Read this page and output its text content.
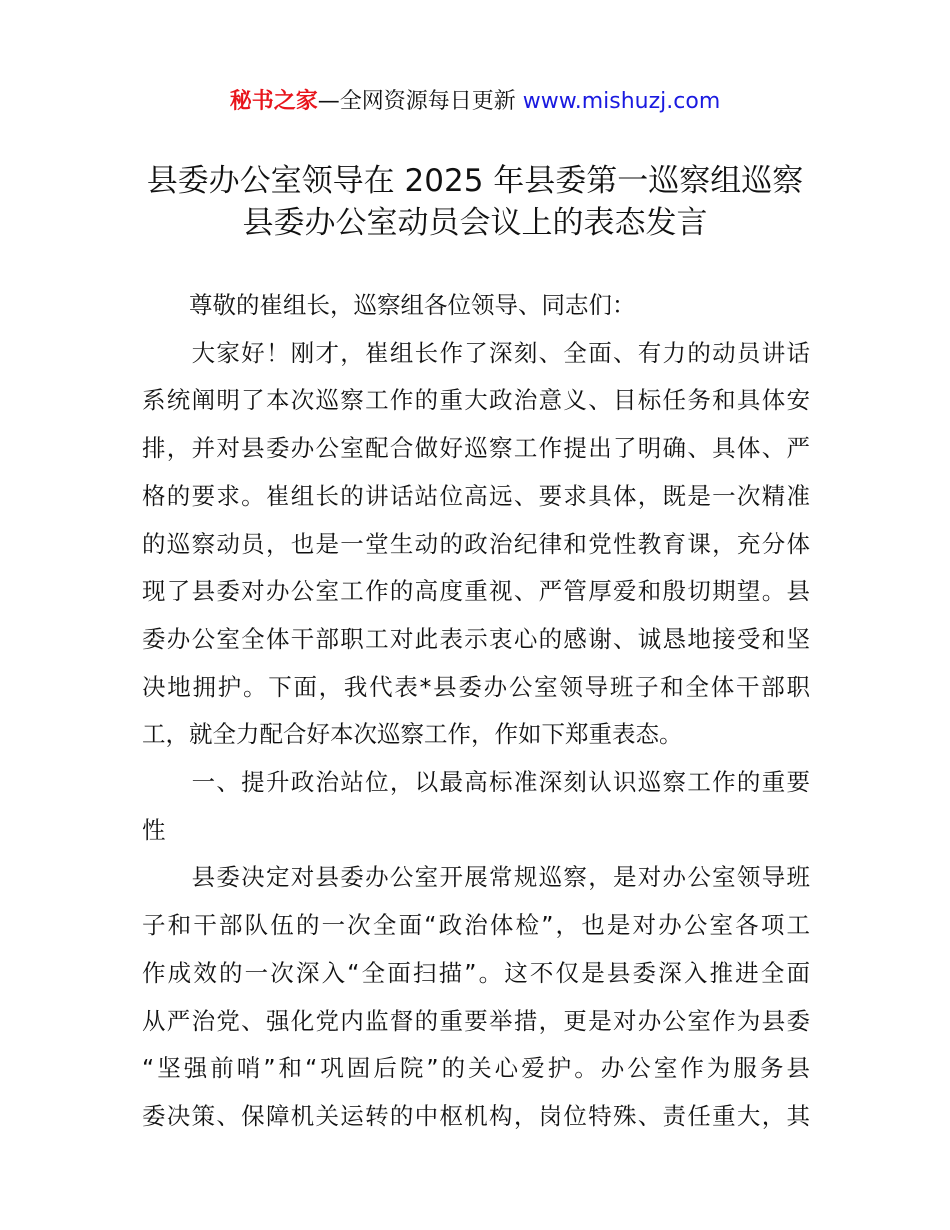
秘书之家—全网资源每日更新 www.mishuzj.com
县委办公室领导在 2025 年县委第一巡察组巡察
县委办公室动员会议上的表态发言

　　尊敬的崔组长，巡察组各位领导、同志们：

　　大家好！刚才，崔组长作了深刻、全面、有力的动员讲话
系统阐明了本次巡察工作的重大政治意义、目标任务和具体安
排，并对县委办公室配合做好巡察工作提出了明确、具体、严
格的要求。崔组长的讲话站位高远、要求具体，既是一次精准
的巡察动员，也是一堂生动的政治纪律和党性教育课，充分体
现了县委对办公室工作的高度重视、严管厚爱和殷切期望。县
委办公室全体干部职工对此表示衷心的感谢、诚恳地接受和坚
决地拥护。下面，我代表*县委办公室领导班子和全体干部职
工，就全力配合好本次巡察工作，作如下郑重表态。

　　一、提升政治站位，以最高标准深刻认识巡察工作的重要
性

　　县委决定对县委办公室开展常规巡察，是对办公室领导班
子和干部队伍的一次全面“政治体检”，也是对办公室各项工
作成效的一次深入“全面扫描”。这不仅是县委深入推进全面
从严治党、强化党内监督的重要举措，更是对办公室作为县委
“坚强前哨”和“巩固后院”的关心爱护。办公室作为服务县
委决策、保障机关运转的中枢机构，岗位特殊、责任重大，其
